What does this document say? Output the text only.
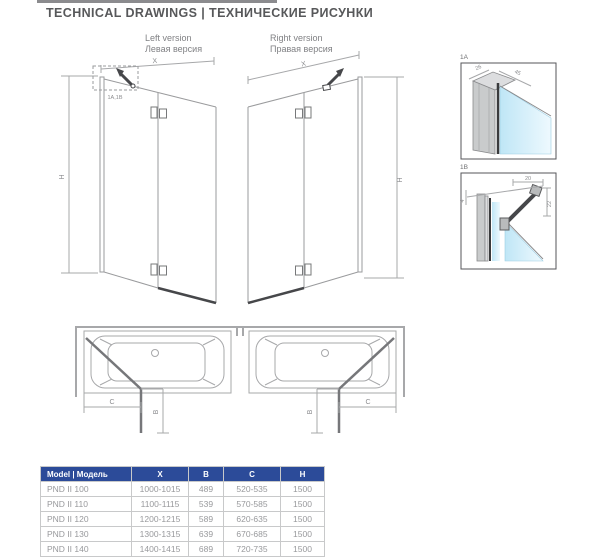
TECHNICAL DRAWINGS | ТЕХНИЧЕСКИЕ РИСУНКИ
Left version
Левая версия
Right version
Правая версия
X
H
1A,1B
X
H
1A
26
45
1B
4
20
22
C
B
C
B
Model | Модель	X	B	C	H
PND II 100	1000-1015	489	520-535	1500
PND II 110	1100-1115	539	570-585	1500
PND II 120	1200-1215	589	620-635	1500
PND II 130	1300-1315	639	670-685	1500
PND II 140	1400-1415	689	720-735	1500
